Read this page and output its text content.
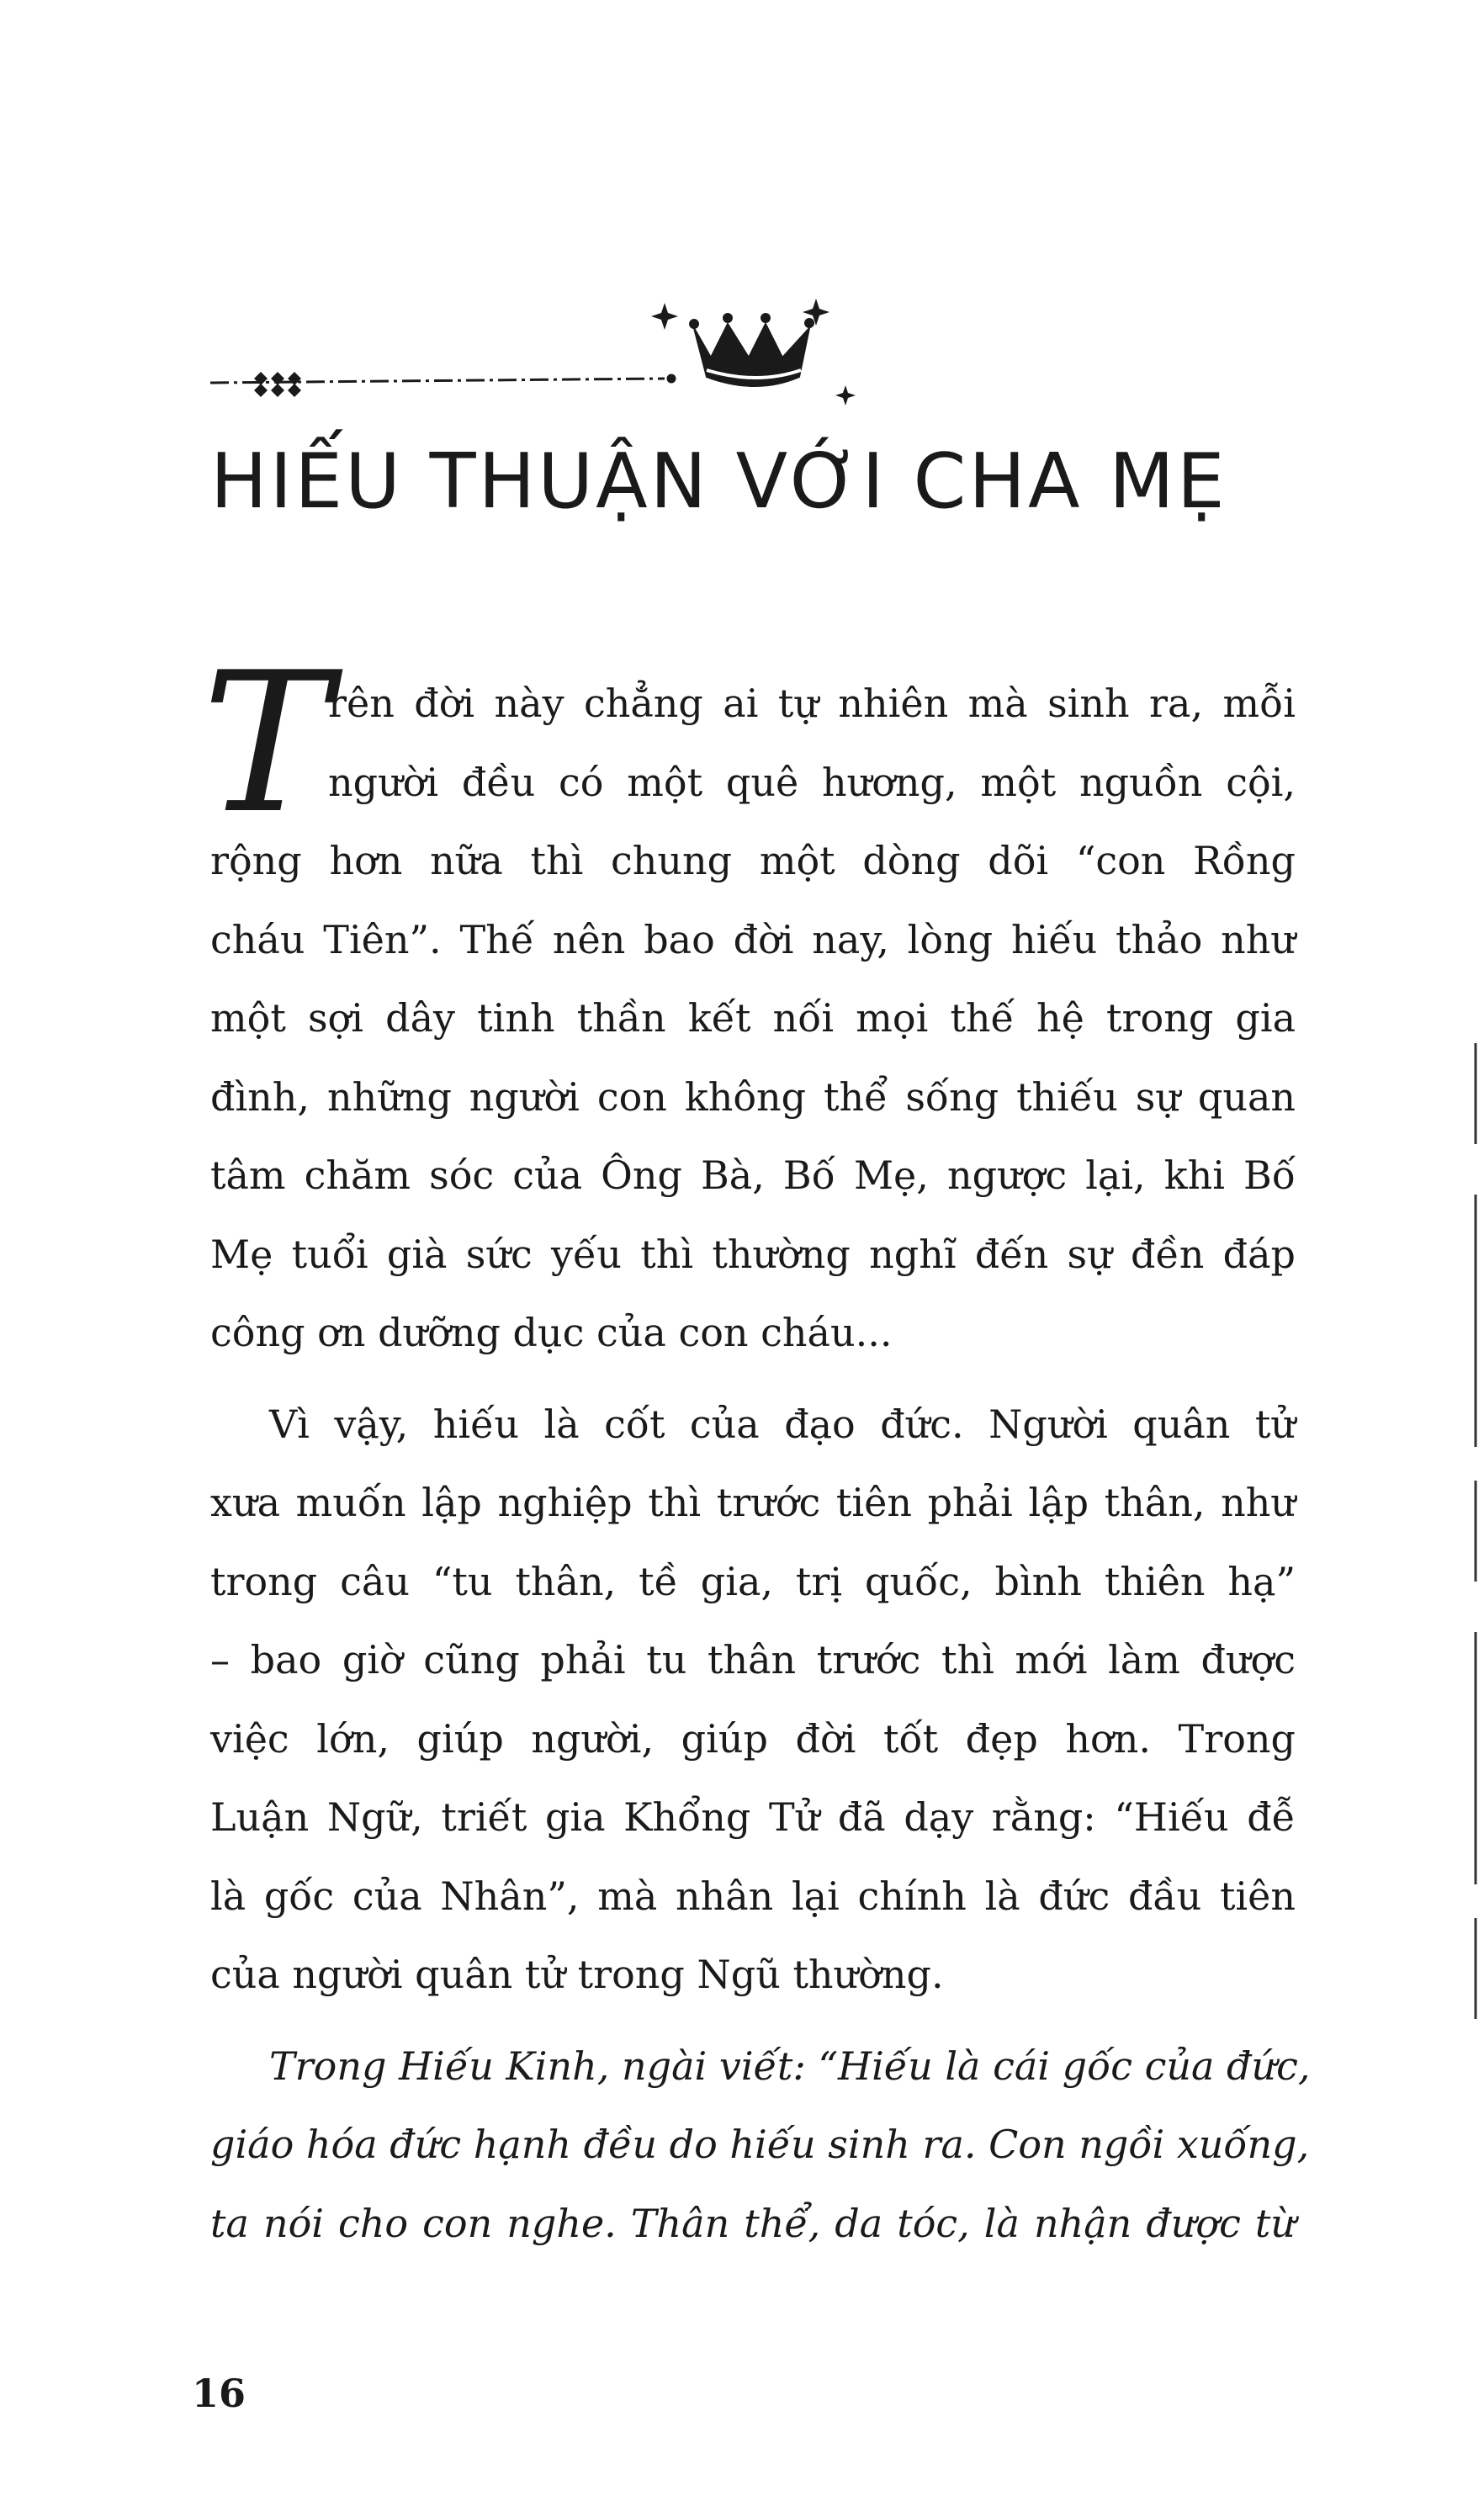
HIẾU THUẬN VỚI CHA MẸ
T
rên đời này chẳng ai tự nhiên mà sinh ra, mỗi
người đều có một quê hương, một nguồn cội,
rộng hơn nữa thì chung một dòng dõi “con Rồng
cháu Tiên”. Thế nên bao đời nay, lòng hiếu thảo như
một sợi dây tinh thần kết nối mọi thế hệ trong gia
đình, những người con không thể sống thiếu sự quan
tâm chăm sóc của Ông Bà, Bố Mẹ, ngược lại, khi Bố
Mẹ tuổi già sức yếu thì thường nghĩ đến sự đền đáp
công ơn dưỡng dục của con cháu...
Vì vậy, hiếu là cốt của đạo đức. Người quân tử
xưa muốn lập nghiệp thì trước tiên phải lập thân, như
trong câu “tu thân, tề gia, trị quốc, bình thiên hạ”
– bao giờ cũng phải tu thân trước thì mới làm được
việc lớn, giúp người, giúp đời tốt đẹp hơn. Trong
Luận Ngữ, triết gia Khổng Tử đã dạy rằng: “Hiếu đễ
là gốc của Nhân”, mà nhân lại chính là đức đầu tiên
của người quân tử trong Ngũ thường.
Trong Hiếu Kinh, ngài viết: “Hiếu là cái gốc của đức,
giáo hóa đức hạnh đều do hiếu sinh ra. Con ngồi xuống,
ta nói cho con nghe. Thân thể, da tóc, là nhận được từ
16
